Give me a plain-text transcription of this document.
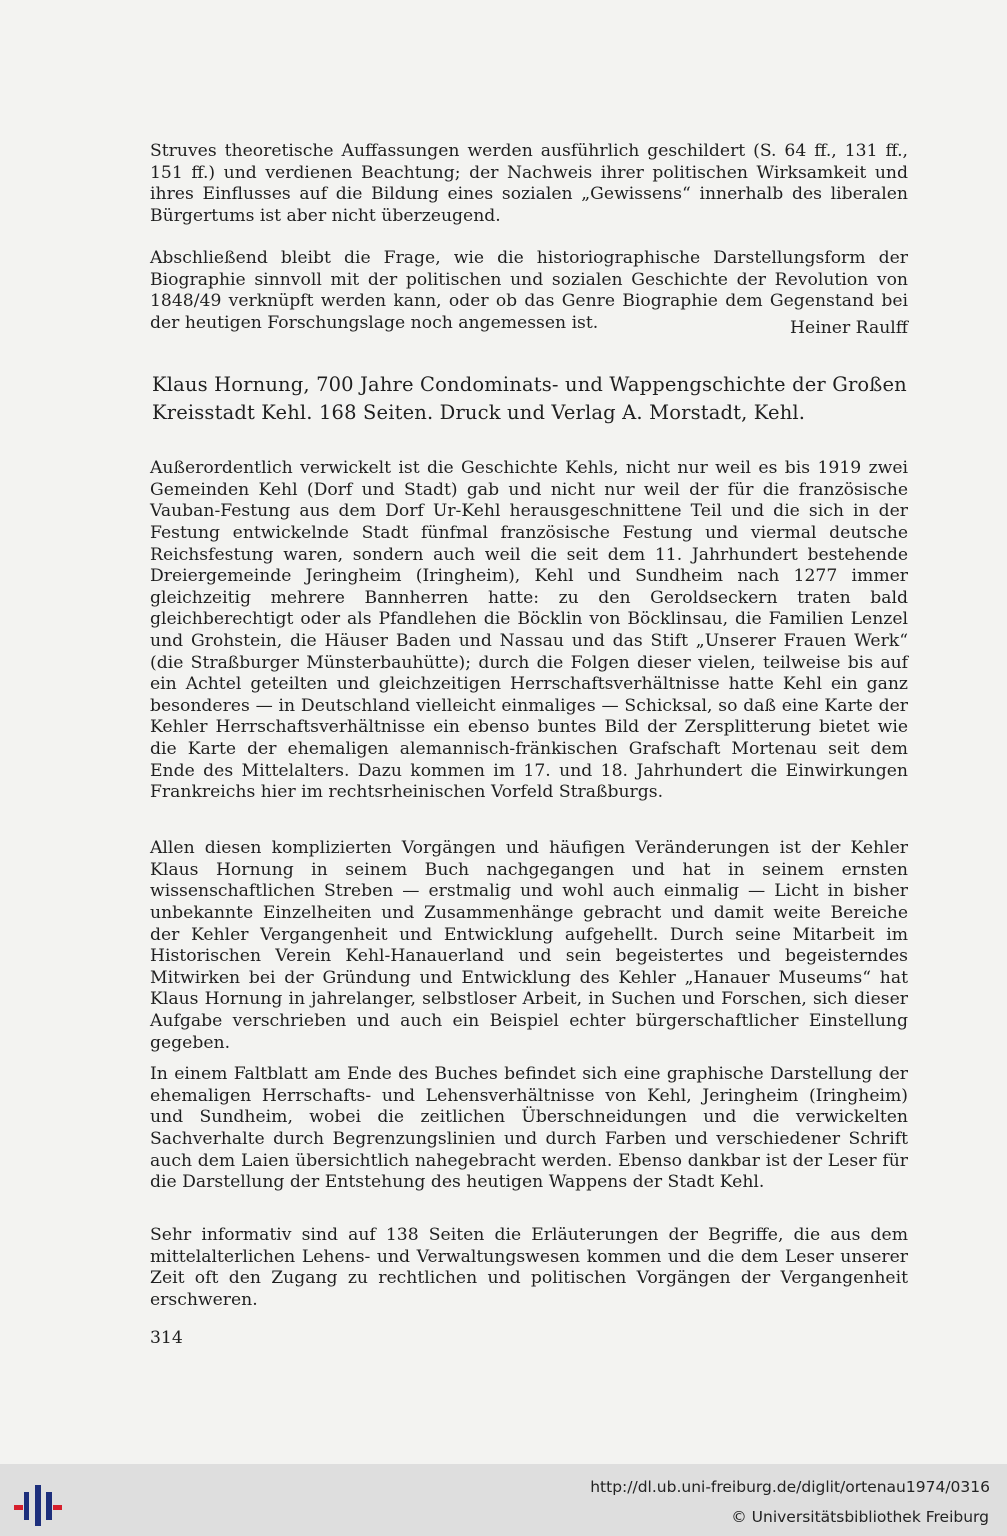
Struves theoretische Auffassungen werden ausführlich geschildert (S. 64 ff., 131 ff., 151 ff.) und verdienen Beachtung; der Nachweis ihrer politischen Wirksamkeit und ihres Einflusses auf die Bildung eines sozialen „Gewissens“ innerhalb des liberalen Bürgertums ist aber nicht überzeugend.

Abschließend bleibt die Frage, wie die historiographische Darstellungsform der Biographie sinnvoll mit der politischen und sozialen Geschichte der Revolution von 1848/49 verknüpft werden kann, oder ob das Genre Biographie dem Gegenstand bei der heutigen Forschungslage noch angemessen ist.	Heiner Raulff
Klaus Hornung, 700 Jahre Condominats- und Wappengschichte der Großen Kreisstadt Kehl. 168 Seiten. Druck und Verlag A. Morstadt, Kehl.

Außerordentlich verwickelt ist die Geschichte Kehls, nicht nur weil es bis 1919 zwei Gemeinden Kehl (Dorf und Stadt) gab und nicht nur weil der für die französische Vauban-Festung aus dem Dorf Ur-Kehl herausgeschnittene Teil und die sich in der Festung entwickelnde Stadt fünfmal französische Festung und viermal deutsche Reichsfestung waren, sondern auch weil die seit dem 11. Jahrhundert bestehende Dreiergemeinde Jeringheim (Iringheim), Kehl und Sundheim nach 1277 immer gleichzeitig mehrere Bannherren hatte: zu den Geroldseckern traten bald gleichberechtigt oder als Pfandlehen die Böcklin von Böcklinsau, die Familien Lenzel und Grohstein, die Häuser Baden und Nassau und das Stift „Unserer Frauen Werk“ (die Straßburger Münsterbauhütte); durch die Folgen dieser vielen, teilweise bis auf ein Achtel geteilten und gleichzeitigen Herrschaftsverhältnisse hatte Kehl ein ganz besonderes — in Deutschland vielleicht einmaliges — Schicksal, so daß eine Karte der Kehler Herrschaftsverhältnisse ein ebenso buntes Bild der Zersplitterung bietet wie die Karte der ehemaligen alemannisch-fränkischen Grafschaft Mortenau seit dem Ende des Mittelalters. Dazu kommen im 17. und 18. Jahrhundert die Einwirkungen Frankreichs hier im rechtsrheinischen Vorfeld Straßburgs.

Allen diesen komplizierten Vorgängen und häufigen Veränderungen ist der Kehler Klaus Hornung in seinem Buch nachgegangen und hat in seinem ernsten wissenschaftlichen Streben — erstmalig und wohl auch einmalig — Licht in bisher unbekannte Einzelheiten und Zusammenhänge gebracht und damit weite Bereiche der Kehler Vergangenheit und Entwicklung aufgehellt. Durch seine Mitarbeit im Historischen Verein Kehl-Hanauerland und sein begeistertes und begeisterndes Mitwirken bei der Gründung und Entwicklung des Kehler „Hanauer Museums“ hat Klaus Hornung in jahrelanger, selbstloser Arbeit, in Suchen und Forschen, sich dieser Aufgabe verschrieben und auch ein Beispiel echter bürgerschaftlicher Einstellung gegeben.

In einem Faltblatt am Ende des Buches befindet sich eine graphische Darstellung der ehemaligen Herrschafts- und Lehensverhältnisse von Kehl, Jeringheim (Iringheim) und Sundheim, wobei die zeitlichen Überschneidungen und die verwickelten Sachverhalte durch Begrenzungslinien und durch Farben und verschiedener Schrift auch dem Laien übersichtlich nahegebracht werden. Ebenso dankbar ist der Leser für die Darstellung der Entstehung des heutigen Wappens der Stadt Kehl.

Sehr informativ sind auf 138 Seiten die Erläuterungen der Begriffe, die aus dem mittelalterlichen Lehens- und Verwaltungswesen kommen und die dem Leser unserer Zeit oft den Zugang zu rechtlichen und politischen Vorgängen der Vergangenheit erschweren.

314
http://dl.ub.uni-freiburg.de/diglit/ortenau1974/0316
© Universitätsbibliothek Freiburg
